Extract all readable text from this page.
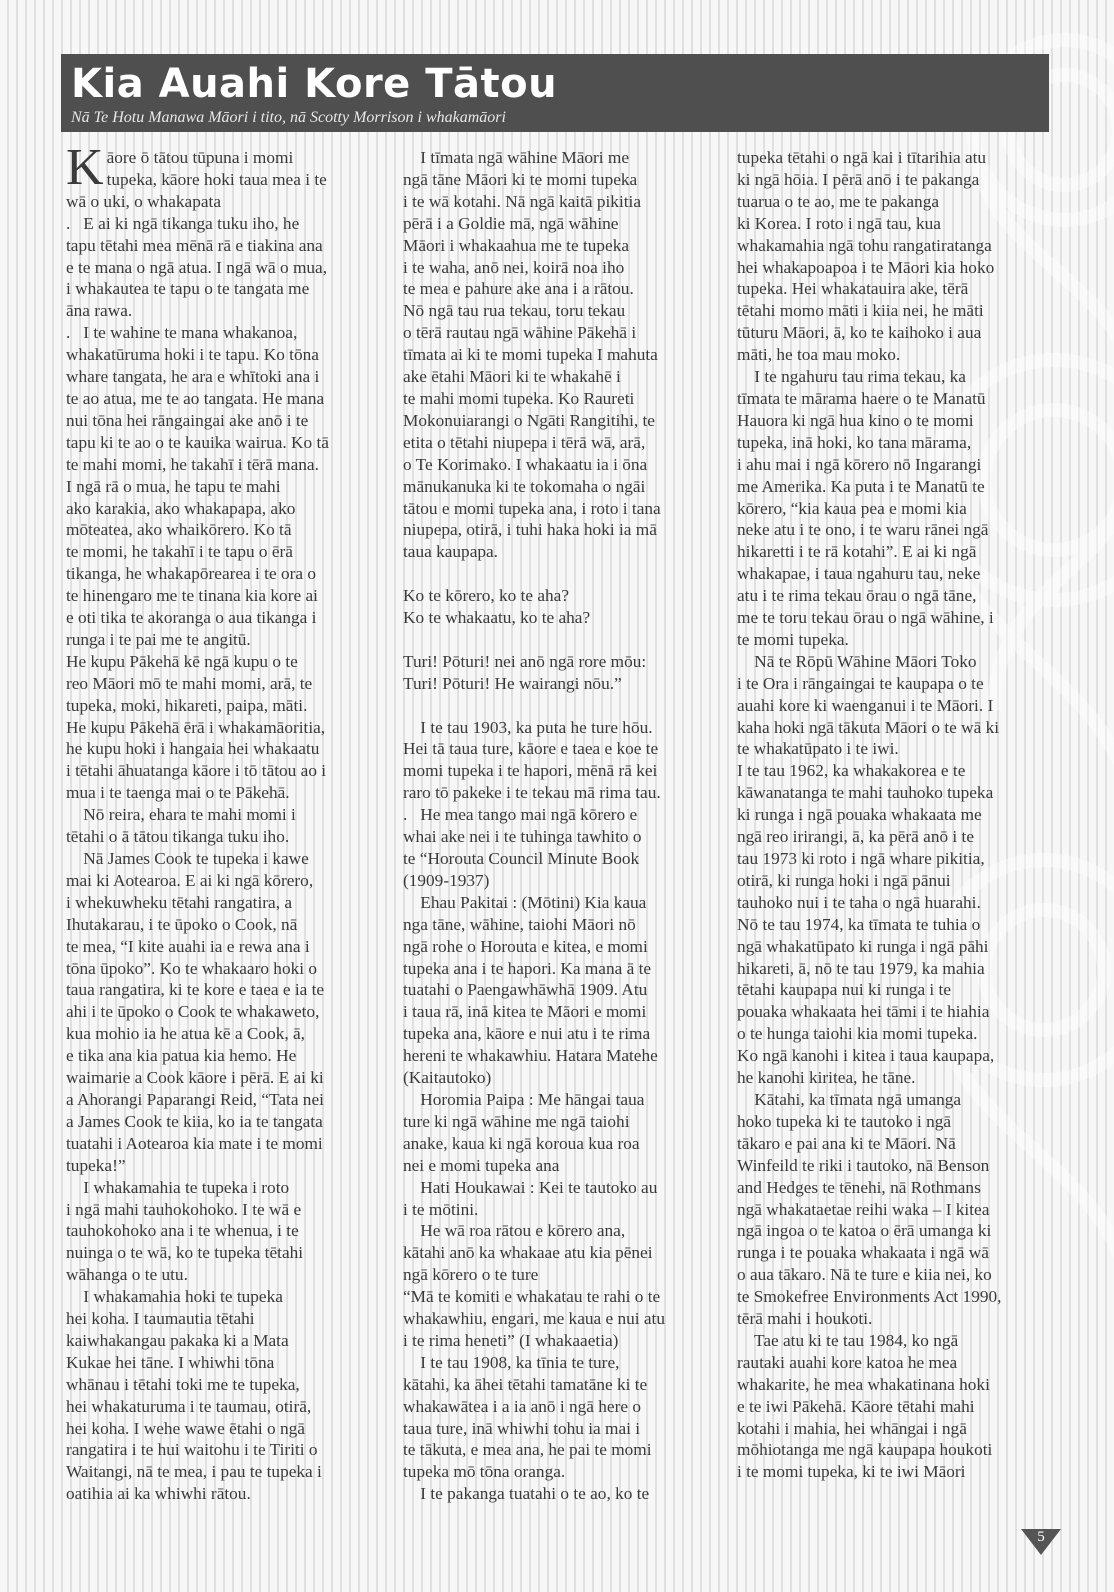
Kia Auahi Kore Tātou

Nā Te Hotu Manawa Māori i tito, nā Scotty Morrison i whakamāori

K āore ō tātou tūpuna i momi

tupeka, kāore hoki taua mea i te

wā o uki, o whakapata

.   E ai ki ngā tikanga tuku iho, he

tapu tētahi mea mēnā rā e tiakina ana

e te mana o ngā atua. I ngā wā o mua,

i whakautea te tapu o te tangata me

āna rawa.

.   I te wahine te mana whakanoa,

whakatūruma hoki i te tapu. Ko tōna

whare tangata, he ara e whītoki ana i

te ao atua, me te ao tangata. He mana

nui tōna hei rāngaingai ake anō i te

tapu ki te ao o te kauika wairua. Ko tā

te mahi momi, he takahī i tērā mana.

I ngā rā o mua, he tapu te mahi

ako karakia, ako whakapapa, ako

mōteatea, ako whaikōrero. Ko tā

te momi, he takahī i te tapu o ērā

tikanga, he whakapōrearea i te ora o

te hinengaro me te tinana kia kore ai

e oti tika te akoranga o aua tikanga i

runga i te pai me te angitū.

He kupu Pākehā kē ngā kupu o te

reo Māori mō te mahi momi, arā, te

tupeka, moki, hikareti, paipa, māti.

He kupu Pākehā ērā i whakamāoritia,

he kupu hoki i hangaia hei whakaatu

i tētahi āhuatanga kāore i tō tātou ao i

mua i te taenga mai o te Pākehā.

Nō reira, ehara te mahi momi i

tētahi o ā tātou tikanga tuku iho.

Nā James Cook te tupeka i kawe

mai ki Aotearoa. E ai ki ngā kōrero,

i whekuwheku tētahi rangatira, a

Ihutakarau, i te ūpoko o Cook, nā

te mea, “I kite auahi ia e rewa ana i

tōna ūpoko”. Ko te whakaaro hoki o

taua rangatira, ki te kore e taea e ia te

ahi i te ūpoko o Cook te whakaweto,

kua mohio ia he atua kē a Cook, ā,

e tika ana kia patua kia hemo. He

waimarie a Cook kāore i pērā. E ai ki

a Ahorangi Paparangi Reid, “Tata nei

a James Cook te kiia, ko ia te tangata

tuatahi i Aotearoa kia mate i te momi

tupeka!”

I whakamahia te tupeka i roto

i ngā mahi tauhokohoko. I te wā e

tauhokohoko ana i te whenua, i te

nuinga o te wā, ko te tupeka tētahi

wāhanga o te utu.

I whakamahia hoki te tupeka

hei koha. I taumautia tētahi

kaiwhakangau pakaka ki a Mata

Kukae hei tāne. I whiwhi tōna

whānau i tētahi toki me te tupeka,

hei whakaturuma i te taumau, otirā,

hei koha. I wehe wawe ētahi o ngā

rangatira i te hui waitohu i te Tiriti o

Waitangi, nā te mea, i pau te tupeka i

oatihia ai ka whiwhi rātou.

I tīmata ngā wāhine Māori me

ngā tāne Māori ki te momi tupeka

i te wā kotahi. Nā ngā kaitā pikitia

pērā i a Goldie mā, ngā wāhine

Māori i whakaahua me te tupeka

i te waha, anō nei, koirā noa iho

te mea e pahure ake ana i a rātou.

Nō ngā tau rua tekau, toru tekau

o tērā rautau ngā wāhine Pākehā i

tīmata ai ki te momi tupeka I mahuta

ake ētahi Māori ki te whakahē i

te mahi momi tupeka. Ko Raureti

Mokonuiarangi o Ngāti Rangitihi, te

etita o tētahi niupepa i tērā wā, arā,

o Te Korimako. I whakaatu ia i ōna

mānukanuka ki te tokomaha o ngāi

tātou e momi tupeka ana, i roto i tana

niupepa, otirā, i tuhi haka hoki ia mā

taua kaupapa.

Ko te kōrero, ko te aha?

Ko te whakaatu, ko te aha?

Turi! Pōturi! nei anō ngā rore mōu:

Turi! Pōturi! He wairangi nōu.”

I te tau 1903, ka puta he ture hōu.

Hei tā taua ture, kāore e taea e koe te

momi tupeka i te hapori, mēnā rā kei

raro tō pakeke i te tekau mā rima tau.

.   He mea tango mai ngā kōrero e

whai ake nei i te tuhinga tawhito o

te “Horouta Council Minute Book

(1909-1937)

Ehau Pakitai : (Mōtini) Kia kaua

nga tāne, wāhine, taiohi Māori nō

ngā rohe o Horouta e kitea, e momi

tupeka ana i te hapori. Ka mana ā te

tuatahi o Paengawhāwhā 1909. Atu

i taua rā, inā kitea te Māori e momi

tupeka ana, kāore e nui atu i te rima

hereni te whakawhiu. Hatara Matehe

(Kaitautoko)

Horomia Paipa : Me hāngai taua

ture ki ngā wāhine me ngā taiohi

anake, kaua ki ngā koroua kua roa

nei e momi tupeka ana

Hati Houkawai : Kei te tautoko au

i te mōtini.

He wā roa rātou e kōrero ana,

kātahi anō ka whakaae atu kia pēnei

ngā kōrero o te ture

“Mā te komiti e whakatau te rahi o te

whakawhiu, engari, me kaua e nui atu

i te rima heneti” (I whakaaetia)

I te tau 1908, ka tīnia te ture,

kātahi, ka āhei tētahi tamatāne ki te

whakawātea i a ia anō i ngā here o

taua ture, inā whiwhi tohu ia mai i

te tākuta, e mea ana, he pai te momi

tupeka mō tōna oranga.

I te pakanga tuatahi o te ao, ko te

tupeka tētahi o ngā kai i tītarihia atu

ki ngā hōia. I pērā anō i te pakanga

tuarua o te ao, me te pakanga

ki Korea. I roto i ngā tau, kua

whakamahia ngā tohu rangatiratanga

hei whakapoapoa i te Māori kia hoko

tupeka. Hei whakatauira ake, tērā

tētahi momo māti i kiia nei, he māti

tūturu Māori, ā, ko te kaihoko i aua

māti, he toa mau moko.

I te ngahuru tau rima tekau, ka

tīmata te mārama haere o te Manatū

Hauora ki ngā hua kino o te momi

tupeka, inā hoki, ko tana mārama,

i ahu mai i ngā kōrero nō Ingarangi

me Amerika. Ka puta i te Manatū te

kōrero, “kia kaua pea e momi kia

neke atu i te ono, i te waru rānei ngā

hikaretti i te rā kotahi”. E ai ki ngā

whakapae, i taua ngahuru tau, neke

atu i te rima tekau ōrau o ngā tāne,

me te toru tekau ōrau o ngā wāhine, i

te momi tupeka.

Nā te Rōpū Wāhine Māori Toko

i te Ora i rāngaingai te kaupapa o te

auahi kore ki waenganui i te Māori. I

kaha hoki ngā tākuta Māori o te wā ki

te whakatūpato i te iwi.

I te tau 1962, ka whakakorea e te

kāwanatanga te mahi tauhoko tupeka

ki runga i ngā pouaka whakaata me

ngā reo irirangi, ā, ka pērā anō i te

tau 1973 ki roto i ngā whare pikitia,

otirā, ki runga hoki i ngā pānui

tauhoko nui i te taha o ngā huarahi.

Nō te tau 1974, ka tīmata te tuhia o

ngā whakatūpato ki runga i ngā pāhi

hikareti, ā, nō te tau 1979, ka mahia

tētahi kaupapa nui ki runga i te

pouaka whakaata hei tāmi i te hiahia

o te hunga taiohi kia momi tupeka.

Ko ngā kanohi i kitea i taua kaupapa,

he kanohi kiritea, he tāne.

Kātahi, ka tīmata ngā umanga

hoko tupeka ki te tautoko i ngā

tākaro e pai ana ki te Māori. Nā

Winfeild te riki i tautoko, nā Benson

and Hedges te tēnehi, nā Rothmans

ngā whakataetae reihi waka – I kitea

ngā ingoa o te katoa o ērā umanga ki

runga i te pouaka whakaata i ngā wā

o aua tākaro. Nā te ture e kiia nei, ko

te Smokefree Environments Act 1990,

tērā mahi i houkoti.

Tae atu ki te tau 1984, ko ngā

rautaki auahi kore katoa he mea

whakarite, he mea whakatinana hoki

e te iwi Pākehā. Kāore tētahi mahi

kotahi i mahia, hei whāngai i ngā

mōhiotanga me ngā kaupapa houkoti

i te momi tupeka, ki te iwi Māori

5
